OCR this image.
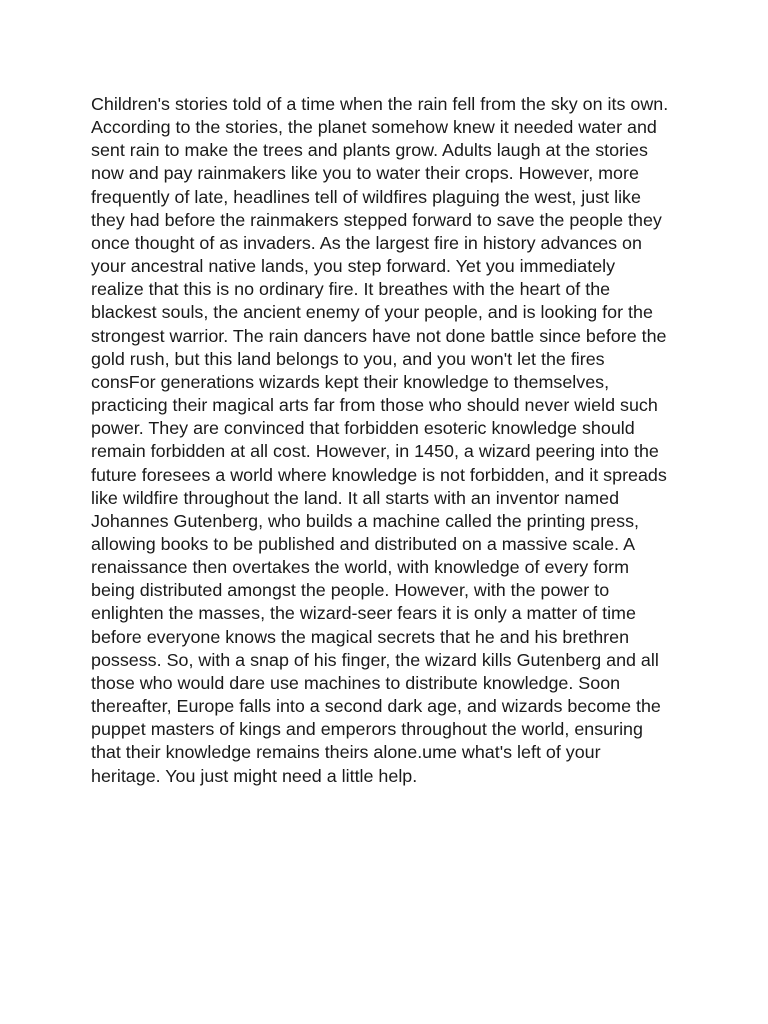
Children's stories told of a time when the rain fell from the sky on its own.
According to the stories, the planet somehow knew it needed water and
sent rain to make the trees and plants grow. Adults laugh at the stories
now and pay rainmakers like you to water their crops. However, more
frequently of late, headlines tell of wildfires plaguing the west, just like
they had before the rainmakers stepped forward to save the people they
once thought of as invaders. As the largest fire in history advances on
your ancestral native lands, you step forward. Yet you immediately
realize that this is no ordinary fire. It breathes with the heart of the
blackest souls, the ancient enemy of your people, and is looking for the
strongest warrior. The rain dancers have not done battle since before the
gold rush, but this land belongs to you, and you won't let the fires
consFor generations wizards kept their knowledge to themselves,
practicing their magical arts far from those who should never wield such
power. They are convinced that forbidden esoteric knowledge should
remain forbidden at all cost. However, in 1450, a wizard peering into the
future foresees a world where knowledge is not forbidden, and it spreads
like wildfire throughout the land. It all starts with an inventor named
Johannes Gutenberg, who builds a machine called the printing press,
allowing books to be published and distributed on a massive scale. A
renaissance then overtakes the world, with knowledge of every form
being distributed amongst the people. However, with the power to
enlighten the masses, the wizard-seer fears it is only a matter of time
before everyone knows the magical secrets that he and his brethren
possess. So, with a snap of his finger, the wizard kills Gutenberg and all
those who would dare use machines to distribute knowledge. Soon
thereafter, Europe falls into a second dark age, and wizards become the
puppet masters of kings and emperors throughout the world, ensuring
that their knowledge remains theirs alone.ume what's left of your
heritage. You just might need a little help.
